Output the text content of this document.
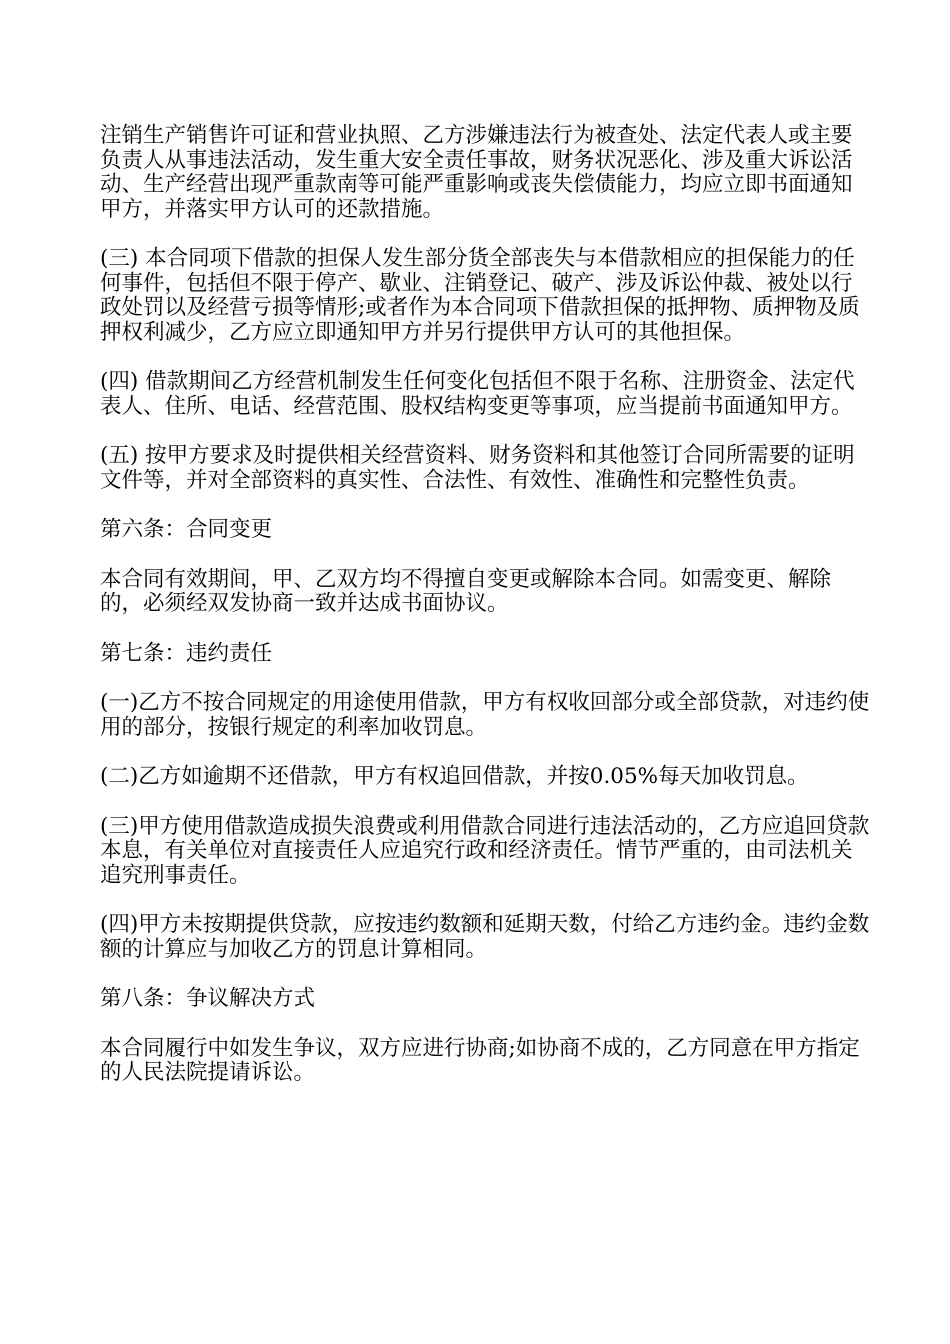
注销生产销售许可证和营业执照、乙方涉嫌违法行为被查处、法定代表人或主要负责人从事违法活动，发生重大安全责任事故，财务状况恶化、涉及重大诉讼活动、生产经营出现严重款南等可能严重影响或丧失偿债能力，均应立即书面通知甲方，并落实甲方认可的还款措施。

(三) 本合同项下借款的担保人发生部分货全部丧失与本借款相应的担保能力的任何事件，包括但不限于停产、歇业、注销登记、破产、涉及诉讼仲裁、被处以行政处罚以及经营亏损等情形;或者作为本合同项下借款担保的抵押物、质押物及质押权利减少，乙方应立即通知甲方并另行提供甲方认可的其他担保。

(四) 借款期间乙方经营机制发生任何变化包括但不限于名称、注册资金、法定代表人、住所、电话、经营范围、股权结构变更等事项，应当提前书面通知甲方。

(五) 按甲方要求及时提供相关经营资料、财务资料和其他签订合同所需要的证明文件等，并对全部资料的真实性、合法性、有效性、准确性和完整性负责。

第六条：合同变更

本合同有效期间，甲、乙双方均不得擅自变更或解除本合同。如需变更、解除的，必须经双发协商一致并达成书面协议。

第七条：违约责任

(一)乙方不按合同规定的用途使用借款，甲方有权收回部分或全部贷款，对违约使用的部分，按银行规定的利率加收罚息。

(二)乙方如逾期不还借款，甲方有权追回借款，并按0.05%每天加收罚息。

(三)甲方使用借款造成损失浪费或利用借款合同进行违法活动的，乙方应追回贷款本息，有关单位对直接责任人应追究行政和经济责任。情节严重的，由司法机关追究刑事责任。

(四)甲方未按期提供贷款，应按违约数额和延期天数，付给乙方违约金。违约金数额的计算应与加收乙方的罚息计算相同。

第八条：争议解决方式

本合同履行中如发生争议，双方应进行协商;如协商不成的，乙方同意在甲方指定的人民法院提请诉讼。
